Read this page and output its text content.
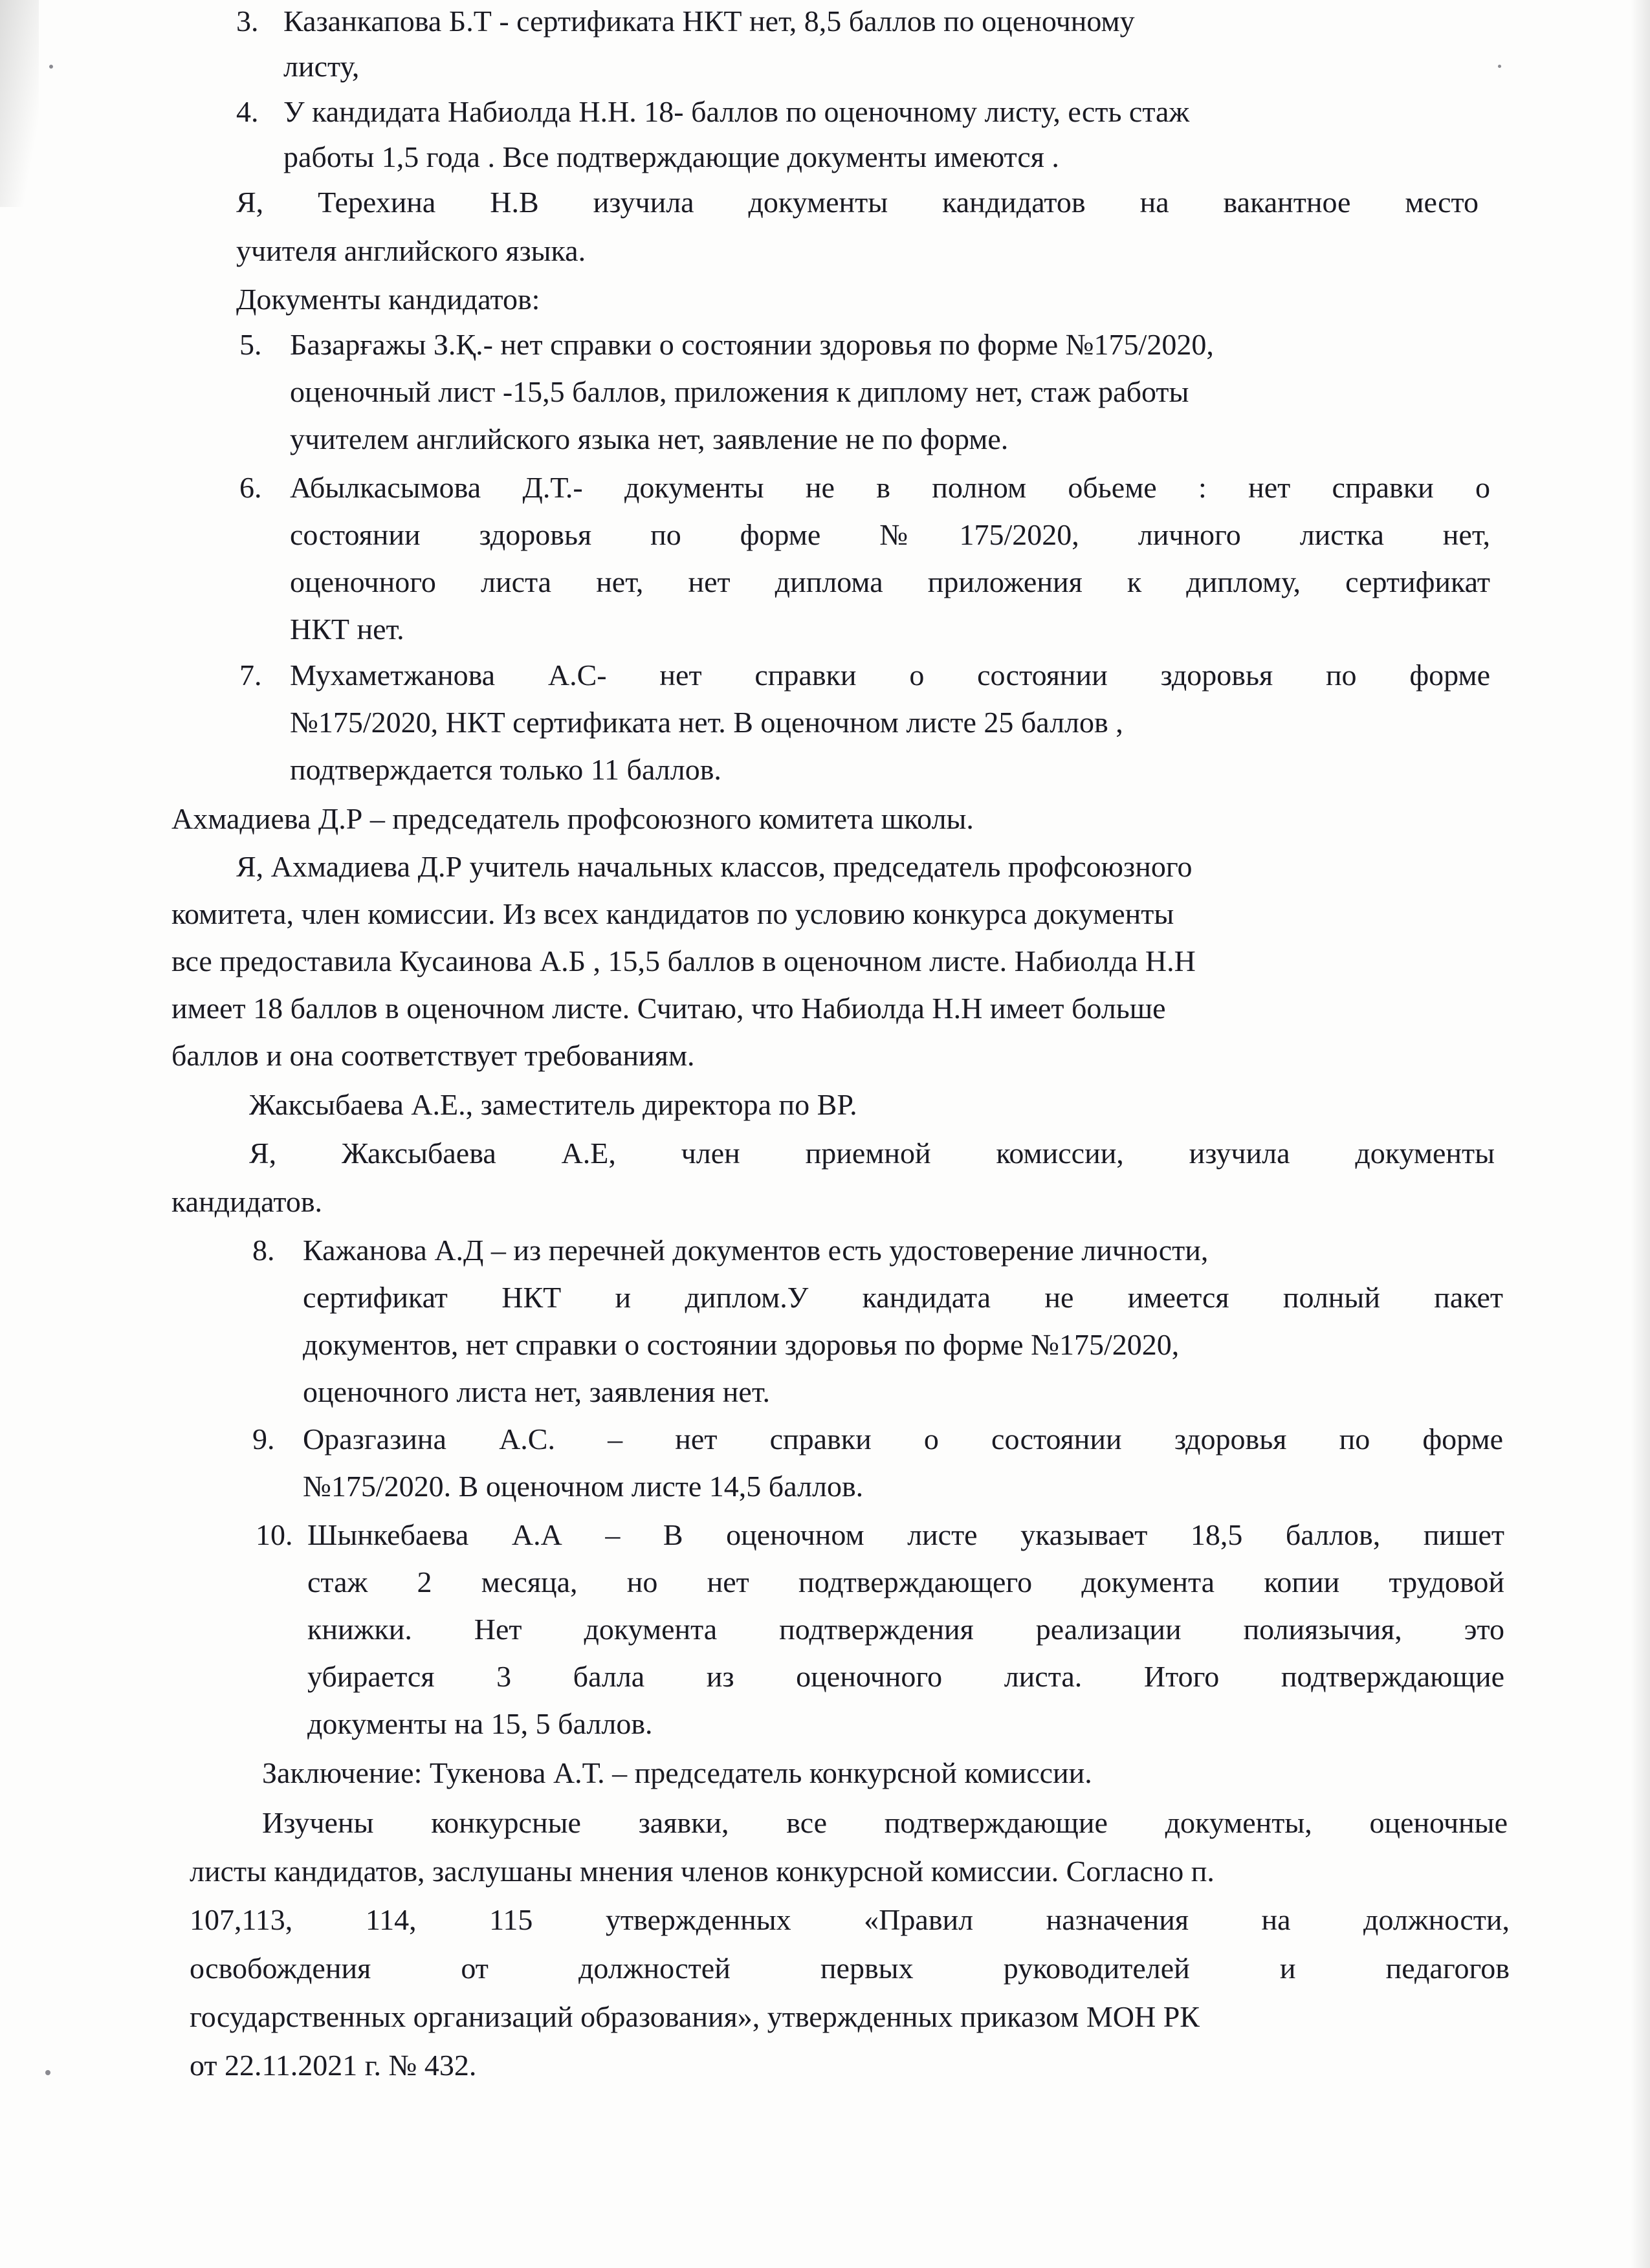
3. Казанкапова Б.Т - сертификата НКТ нет, 8,5 баллов по оценочному
листу,
4. У кандидата Набиолда Н.Н. 18- баллов по оценочному листу, есть стаж
работы 1,5 года . Все подтверждающие документы имеются .
Я, Терехина Н.В изучила документы кандидатов на вакантное место
учителя английского языка.
Документы кандидатов:
5. Базарғажы З.Қ.- нет справки о состоянии здоровья по форме №175/2020,
оценочный лист -15,5 баллов, приложения к диплому нет, стаж работы
учителем английского языка нет, заявление не по форме.
6. Абылкасымова Д.Т.- документы не в полном обьеме : нет справки о
состоянии здоровья по форме №175/2020, личного листка нет,
оценочного листа нет, нет диплома приложения к диплому, сертификат
НКТ нет.
7. Мухаметжанова А.С- нет справки о состоянии здоровья по форме
№175/2020, НКТ сертификата нет. В оценочном листе 25 баллов ,
подтверждается только 11 баллов.
Ахмадиева Д.Р – председатель профсоюзного комитета школы.
Я, Ахмадиева Д.Р учитель начальных классов, председатель профсоюзного
комитета, член комиссии. Из всех кандидатов по условию конкурса документы
все предоставила Кусаинова А.Б , 15,5 баллов в оценочном листе. Набиолда Н.Н
имеет 18 баллов в оценочном листе. Считаю, что Набиолда Н.Н имеет больше
баллов и она соответствует требованиям.
Жаксыбаева А.Е., заместитель директора по ВР.
Я, Жаксыбаева А.Е, член приемной комиссии, изучила документы
кандидатов.
8. Кажанова А.Д – из перечней документов есть удостоверение личности,
сертификат НКТ и диплом.У кандидата не имеется полный пакет
документов, нет справки о состоянии здоровья по форме №175/2020,
оценочного листа нет, заявления нет.
9. Оразгазина А.С. – нет справки о состоянии здоровья по форме
№175/2020. В оценочном листе 14,5 баллов.
10. Шынкебаева А.А – В оценочном листе указывает 18,5 баллов, пишет
стаж 2 месяца, но нет подтверждающего документа копии трудовой
книжки. Нет документа подтверждения реализации полиязычия, это
убирается 3 балла из оценочного листа. Итого подтверждающие
документы на 15, 5 баллов.
Заключение: Тукенова А.Т. – председатель конкурсной комиссии.
Изучены конкурсные заявки, все подтверждающие документы, оценочные
листы кандидатов, заслушаны мнения членов конкурсной комиссии. Согласно п.
107,113, 114, 115 утвержденных «Правил назначения на должности,
освобождения от должностей первых руководителей и педагогов
государственных организаций образования», утвержденных приказом МОН РК
от 22.11.2021 г. № 432.
